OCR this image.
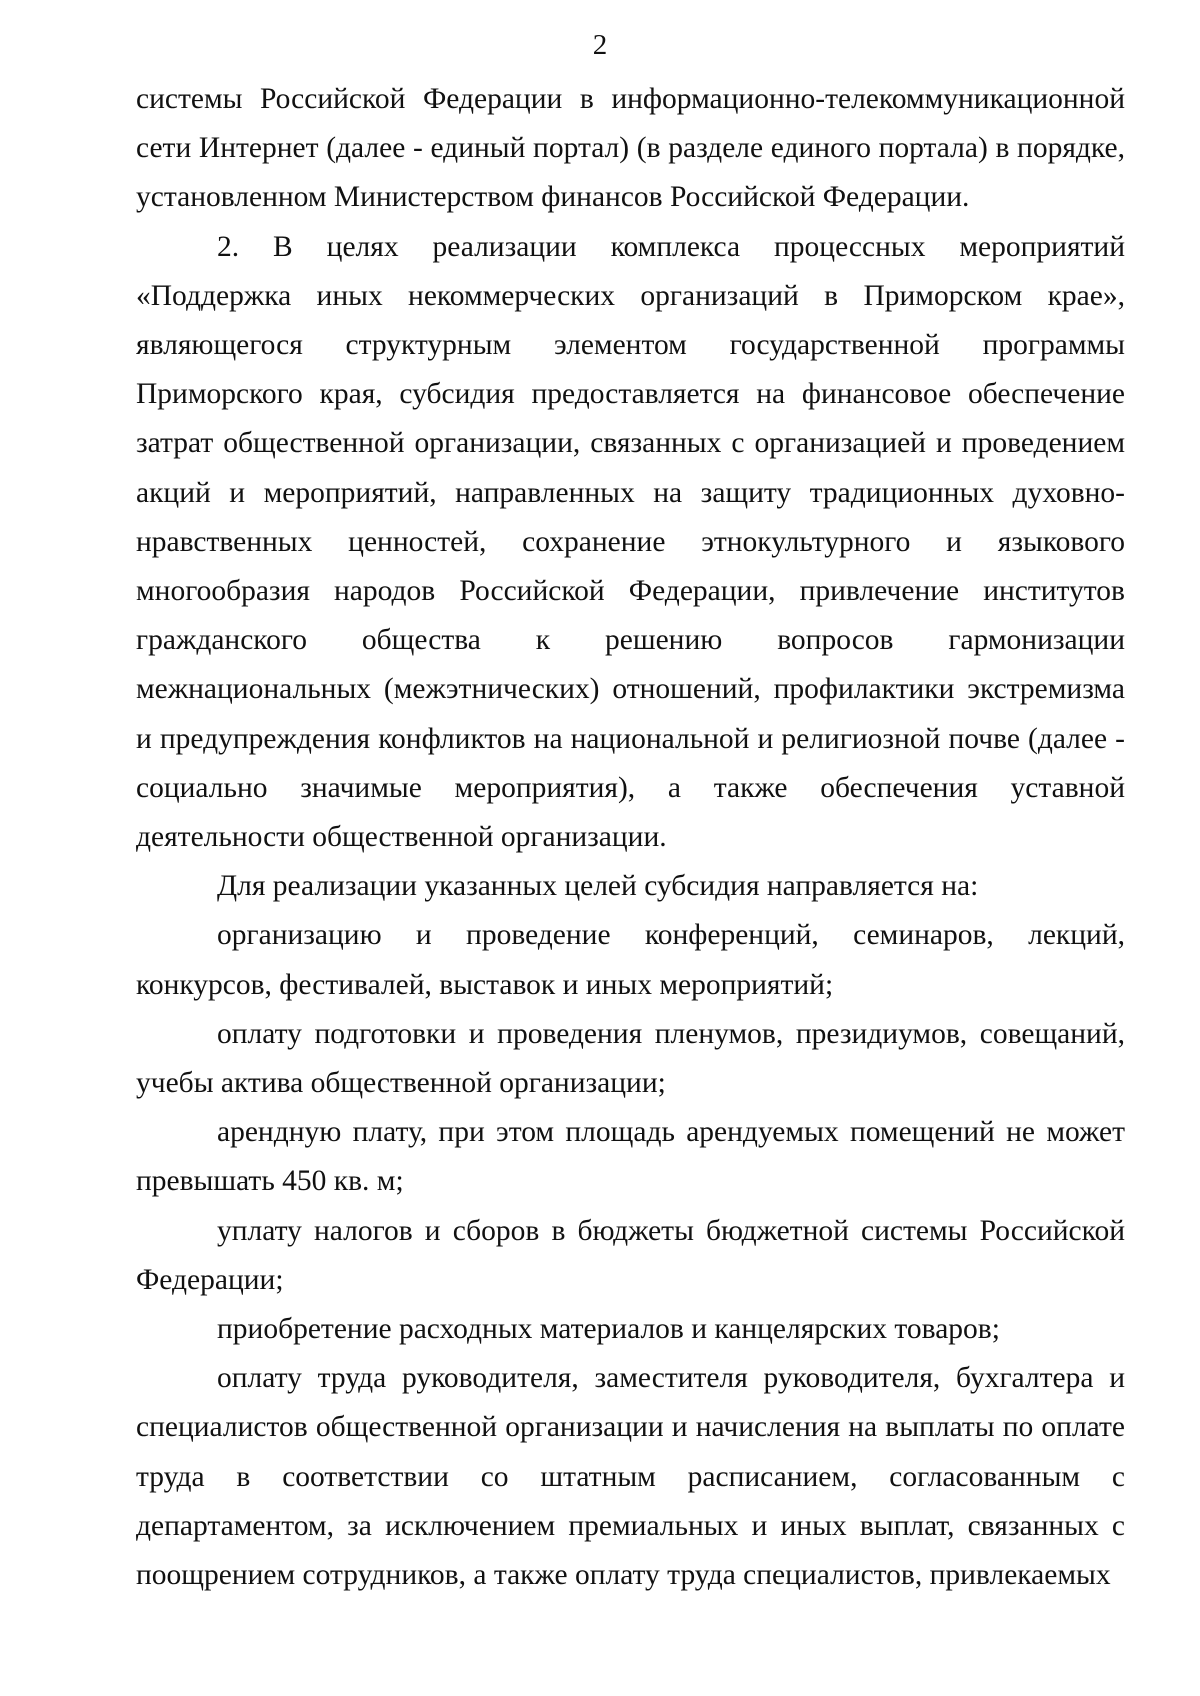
2

системы Российской Федерации в информационно-телекоммуникационной сети Интернет (далее - единый портал) (в разделе единого портала) в порядке, установленном Министерством финансов Российской Федерации.

2. В целях реализации комплекса процессных мероприятий «Поддержка иных некоммерческих организаций в Приморском крае», являющегося структурным элементом государственной программы Приморского края, субсидия предоставляется на финансовое обеспечение затрат общественной организации, связанных с организацией и проведением акций и мероприятий, направленных на защиту традиционных духовно-нравственных ценностей, сохранение этнокультурного и языкового многообразия народов Российской Федерации, привлечение институтов гражданского общества к решению вопросов гармонизации межнациональных (межэтнических) отношений, профилактики экстремизма и предупреждения конфликтов на национальной и религиозной почве (далее - социально значимые мероприятия), а также обеспечения уставной деятельности общественной организации.

Для реализации указанных целей субсидия направляется на:

организацию и проведение конференций, семинаров, лекций, конкурсов, фестивалей, выставок и иных мероприятий;

оплату подготовки и проведения пленумов, президиумов, совещаний, учебы актива общественной организации;

арендную плату, при этом площадь арендуемых помещений не может превышать 450 кв. м;

уплату налогов и сборов в бюджеты бюджетной системы Российской Федерации;

приобретение расходных материалов и канцелярских товаров;

оплату труда руководителя, заместителя руководителя, бухгалтера и специалистов общественной организации и начисления на выплаты по оплате труда в соответствии со штатным расписанием, согласованным с департаментом, за исключением премиальных и иных выплат, связанных с поощрением сотрудников, а также оплату труда специалистов, привлекаемых
